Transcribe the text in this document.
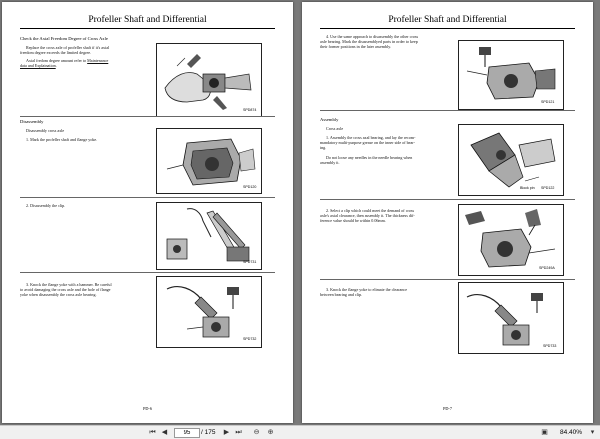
Profeller Shaft and Differential
Check the Axial Freedom Degree of Cross Axle
Replace the cross axle of profeller shaft if it's axial
freedom degree exceeds the limited degree.
Axial fredom degree amount refer to Maintenance
data and Explaination.
SPD874
Disassembly
Disassembly cross axle
1. Mark the profeller shaft and flange yoke.
SPD120
2. Disassembly the clip.
SPD731
3. Knock the flange yoke with a hammer. Be careful
to avoid damaging the cross axle and the hole of flange
yoke when disassembly the cross axle bearing.
SPD732
PD-6
Profeller Shaft and Differential
4. Use the same approach to disassembly the other cross
axle bearing. Mark the disassemblyed parts in order to keep
their former positions in the later assembly.
SPD121
Assembly
Cross axle
1. Assembly the cross axal bearing, and lay the recom-
mandatory multi-purpose grease on the inner side of bear-
ing.
Do not loose any needles in the needle bearing when
assembly it.
Block pin SPD122
2. Select a clip which could meet the demand of cross
axle's axial clearance, then assembly it. The thickness dif-
ference value should be within 0.06mm.
SPD249A
3. Knock the flange yoke to elimate the clearance
between bearing and clip.
SPD733
PD-7
⏮ ◀
95	/ 175 ▶ ⏭ ⊖ ⊕	▣ 84.40%	▾
